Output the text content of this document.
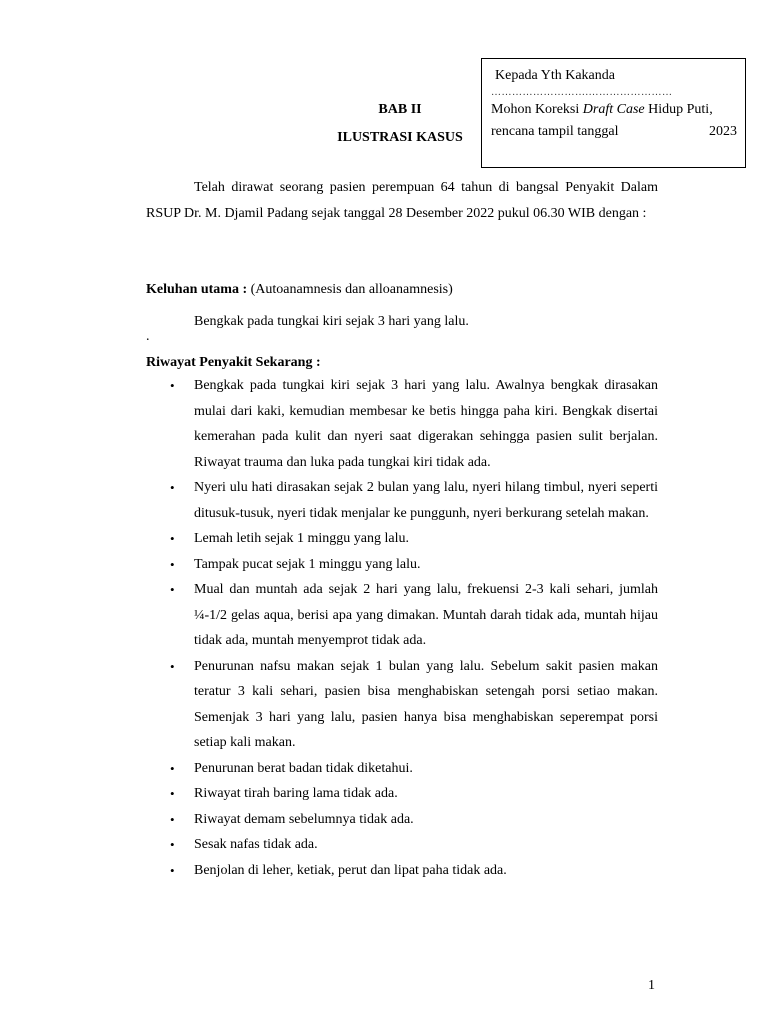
Kepada Yth Kakanda
……………………….……………………
Mohon Koreksi Draft Case Hidup Puti,
rencana tampil tanggal	2023
BAB II
ILUSTRASI KASUS
Telah dirawat seorang pasien perempuan 64 tahun di bangsal Penyakit Dalam RSUP Dr. M. Djamil Padang sejak tanggal 28 Desember 2022 pukul 06.30 WIB dengan :
Keluhan utama : (Autoanamnesis dan alloanamnesis)
Bengkak pada tungkai kiri sejak 3 hari yang lalu.
.
Riwayat Penyakit Sekarang :
• Bengkak pada tungkai kiri sejak 3 hari yang lalu. Awalnya bengkak dirasakan mulai dari kaki, kemudian membesar ke betis hingga paha kiri. Bengkak disertai kemerahan pada kulit dan nyeri saat digerakan sehingga pasien sulit berjalan. Riwayat trauma dan luka pada tungkai kiri tidak ada.
• Nyeri ulu hati dirasakan sejak 2 bulan yang lalu, nyeri hilang timbul, nyeri seperti ditusuk-tusuk, nyeri tidak menjalar ke punggunh, nyeri berkurang setelah makan.
• Lemah letih sejak 1 minggu yang lalu.
• Tampak pucat sejak 1 minggu yang lalu.
• Mual dan muntah ada sejak 2 hari yang lalu, frekuensi 2-3 kali sehari, jumlah ¼-1/2 gelas aqua, berisi apa yang dimakan. Muntah darah tidak ada, muntah hijau tidak ada, muntah menyemprot tidak ada.
• Penurunan nafsu makan sejak 1 bulan yang lalu. Sebelum sakit pasien makan teratur 3 kali sehari, pasien bisa menghabiskan setengah porsi setiao makan. Semenjak 3 hari yang lalu, pasien hanya bisa menghabiskan seperempat porsi setiap kali makan.
• Penurunan berat badan tidak diketahui.
• Riwayat tirah baring lama tidak ada.
• Riwayat demam sebelumnya tidak ada.
• Sesak nafas tidak ada.
• Benjolan di leher, ketiak, perut dan lipat paha tidak ada.
1
